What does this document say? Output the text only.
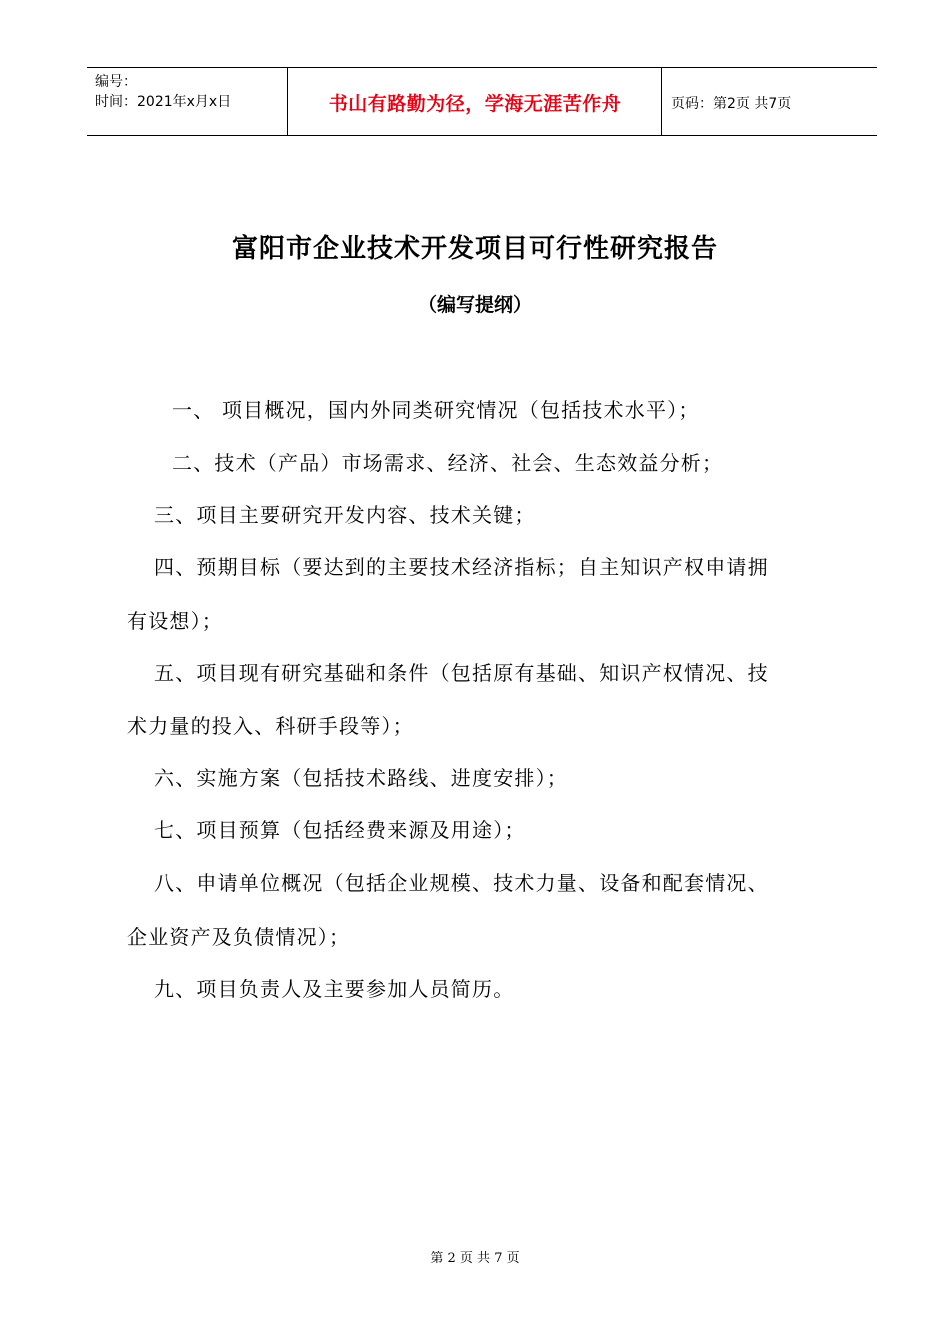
编号：
时间：2021年x月x日	书山有路勤为径，学海无涯苦作舟	页码：第2页 共7页
富阳市企业技术开发项目可行性研究报告
（编写提纲）
一、 项目概况，国内外同类研究情况（包括技术水平）；
二、技术（产品）市场需求、经济、社会、生态效益分析；
三、项目主要研究开发内容、技术关键；
四、预期目标（要达到的主要技术经济指标；自主知识产权申请拥
有设想）；
五、项目现有研究基础和条件（包括原有基础、知识产权情况、技
术力量的投入、科研手段等）；
六、实施方案（包括技术路线、进度安排）；
七、项目预算（包括经费来源及用途）；
八、申请单位概况（包括企业规模、技术力量、设备和配套情况、
企业资产及负债情况）；
九、项目负责人及主要参加人员简历。
第 2 页 共 7 页
